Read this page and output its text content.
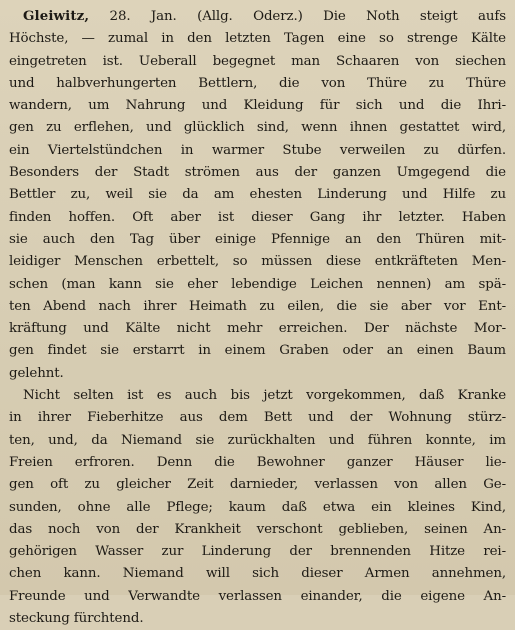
Gleiwitz, 28. Jan. (Allg. Oderz.) Die Noth steigt aufs
Höchste, — zumal in den letzten Tagen eine so strenge Kälte
eingetreten ist. Ueberall begegnet man Schaaren von siechen
und halbverhungerten Bettlern, die von Thüre zu Thüre
wandern, um Nahrung und Kleidung für sich und die Ihri-
gen zu erflehen, und glücklich sind, wenn ihnen gestattet wird,
ein Viertelstündchen in warmer Stube verweilen zu dürfen.
Besonders der Stadt strömen aus der ganzen Umgegend die
Bettler zu, weil sie da am ehesten Linderung und Hilfe zu
finden hoffen. Oft aber ist dieser Gang ihr letzter. Haben
sie auch den Tag über einige Pfennige an den Thüren mit-
leidiger Menschen erbettelt, so müssen diese entkräfteten Men-
schen (man kann sie eher lebendige Leichen nennen) am spä-
ten Abend nach ihrer Heimath zu eilen, die sie aber vor Ent-
kräftung und Kälte nicht mehr erreichen. Der nächste Mor-
gen findet sie erstarrt in einem Graben oder an einen Baum
gelehnt.
Nicht selten ist es auch bis jetzt vorgekommen, daß Kranke
in ihrer Fieberhitze aus dem Bett und der Wohnung stürz-
ten, und, da Niemand sie zurückhalten und führen konnte, im
Freien erfroren. Denn die Bewohner ganzer Häuser lie-
gen oft zu gleicher Zeit darnieder, verlassen von allen Ge-
sunden, ohne alle Pflege; kaum daß etwa ein kleines Kind,
das noch von der Krankheit verschont geblieben, seinen An-
gehörigen Wasser zur Linderung der brennenden Hitze rei-
chen kann. Niemand will sich dieser Armen annehmen,
Freunde und Verwandte verlassen einander, die eigene An-
steckung fürchtend.
